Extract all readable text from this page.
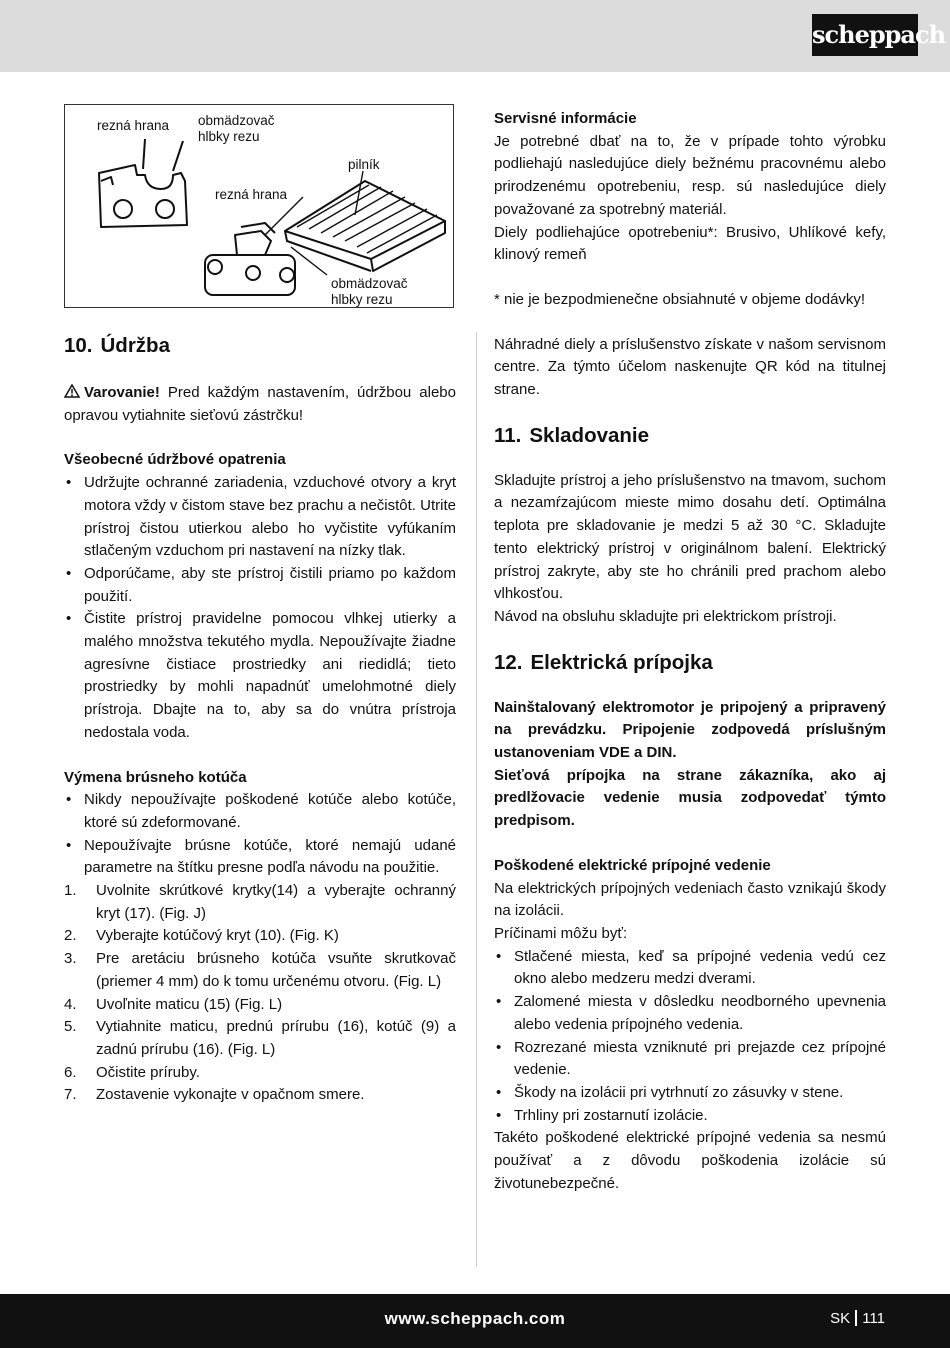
scheppach
rezná hrana obmädzovač hlbky rezu
pilník
rezná hrana
obmädzovač hlbky rezu
10. Údržba

Varovanie! Pred každým nastavením, údržbou alebo opravou vytiahnite sieťovú zástrčku!

Všeobecné údržbové opatrenia

• Udržujte ochranné zariadenia, vzduchové otvory a kryt motora vždy v čistom stave bez prachu a nečistôt. Utrite prístroj čistou utierkou alebo ho vyčistite vyfúkaním stlačeným vzduchom pri nastavení na nízky tlak.
• Odporúčame, aby ste prístroj čistili priamo po každom použití.
• Čistite prístroj pravidelne pomocou vlhkej utierky a malého množstva tekutého mydla. Nepoužívajte žiadne agresívne čistiace prostriedky ani riedidlá; tieto prostriedky by mohli napadnúť umelohmotné diely prístroja. Dbajte na to, aby sa do vnútra prístroja nedostala voda.

Výmena brúsneho kotúča

• Nikdy nepoužívajte poškodené kotúče alebo kotúče, ktoré sú zdeformované.
• Nepoužívajte brúsne kotúče, ktoré nemajú udané parametre na štítku presne podľa návodu na použitie.
1. Uvolnite skrútkové krytky(14) a vyberajte ochranný kryt (17). (Fig. J)
2. Vyberajte kotúčový kryt (10). (Fig. K)
3. Pre aretáciu brúsneho kotúča vsuňte skrutkovač (priemer 4 mm) do k tomu určenému otvoru. (Fig. L)
4. Uvoľnite maticu (15) (Fig. L)
5. Vytiahnite maticu, prednú prírubu (16), kotúč (9) a zadnú prírubu (16). (Fig. L)
6. Očistite príruby.
7. Zostavenie vykonajte v opačnom smere.

Servisné informácie

Je potrebné dbať na to, že v prípade tohto výrobku podliehajú nasledujúce diely bežnému pracovnému alebo prirodzenému opotrebeniu, resp. sú nasledujúce diely považované za spotrebný materiál.

Diely podliehajúce opotrebeniu*: Brusivo, Uhlíkové kefy, klinový remeň

* nie je bezpodmienečne obsiahnuté v objeme dodávky!

Náhradné diely a príslušenstvo získate v našom servisnom centre. Za týmto účelom naskenujte QR kód na titulnej strane.

11. Skladovanie

Skladujte prístroj a jeho príslušenstvo na tmavom, suchom a nezamŕzajúcom mieste mimo dosahu detí. Optimálna teplota pre skladovanie je medzi 5 až 30 °C. Skladujte tento elektrický prístroj v originálnom balení. Elektrický prístroj zakryte, aby ste ho chránili pred prachom alebo vlhkosťou.

Návod na obsluhu skladujte pri elektrickom prístroji.

12. Elektrická prípojka

Nainštalovaný elektromotor je pripojený a pripravený na prevádzku. Pripojenie zodpovedá príslušným ustanoveniam VDE a DIN.

Sieťová prípojka na strane zákazníka, ako aj predlžovacie vedenie musia zodpovedať týmto predpisom.

Poškodené elektrické prípojné vedenie

Na elektrických prípojných vedeniach často vznikajú škody na izolácii.

Príčinami môžu byť:

• Stlačené miesta, keď sa prípojné vedenia vedú cez okno alebo medzeru medzi dverami.
• Zalomené miesta v dôsledku neodborného upevnenia alebo vedenia prípojného vedenia.
• Rozrezané miesta vzniknuté pri prejazde cez prípojné vedenie.
• Škody na izolácii pri vytrhnutí zo zásuvky v stene.
• Trhliny pri zostarnutí izolácie.

Takéto poškodené elektrické prípojné vedenia sa nesmú používať a z dôvodu poškodenia izolácie sú životunebezpečné.

www.scheppach.com	SK 111
